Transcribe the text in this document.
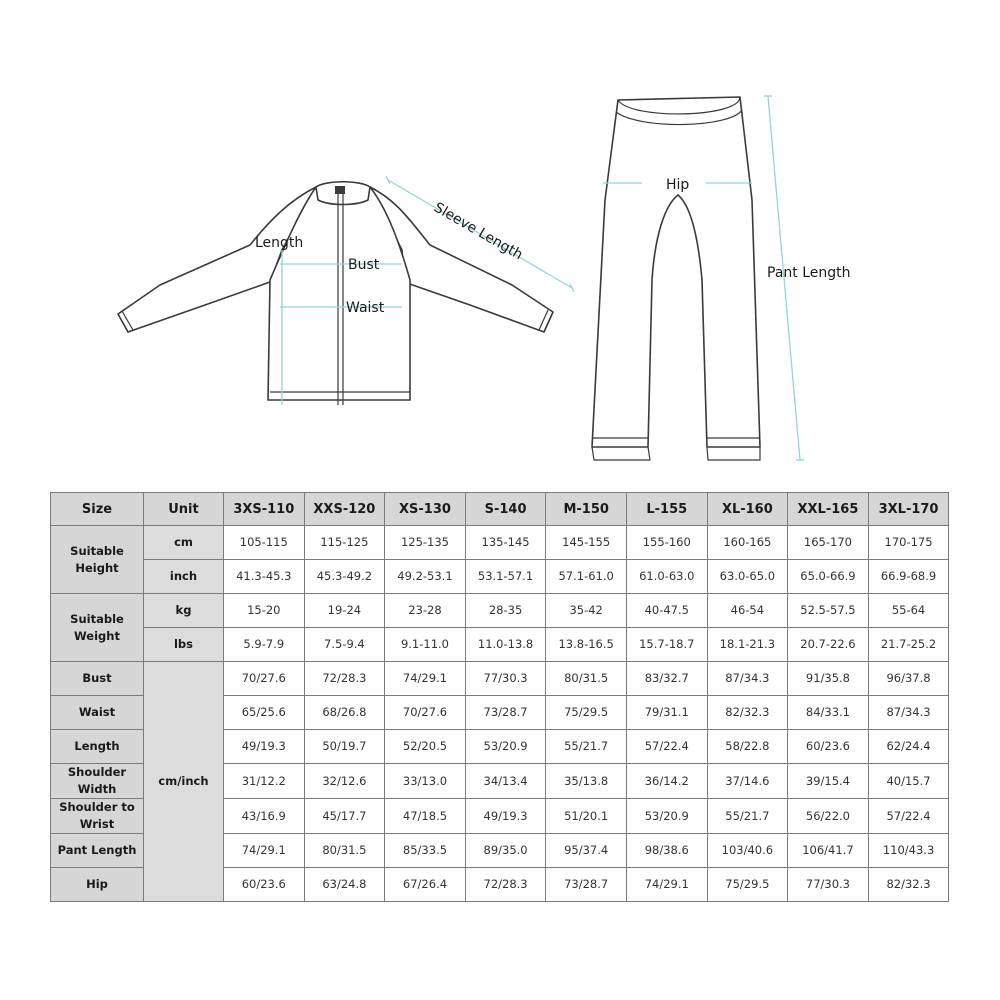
Length
Bust
Waist
Sleeve Length
Hip
Pant Length
Size	Unit	3XS-110	XXS-120	XS-130	S-140	M-150	L-155	XL-160	XXL-165	3XL-170
Suitable Height	cm	105-115	115-125	125-135	135-145	145-155	155-160	160-165	165-170	170-175
	inch	41.3-45.3	45.3-49.2	49.2-53.1	53.1-57.1	57.1-61.0	61.0-63.0	63.0-65.0	65.0-66.9	66.9-68.9
Suitable Weight	kg	15-20	19-24	23-28	28-35	35-42	40-47.5	46-54	52.5-57.5	55-64
	lbs	5.9-7.9	7.5-9.4	9.1-11.0	11.0-13.8	13.8-16.5	15.7-18.7	18.1-21.3	20.7-22.6	21.7-25.2
Bust	cm/inch	70/27.6	72/28.3	74/29.1	77/30.3	80/31.5	83/32.7	87/34.3	91/35.8	96/37.8
Waist		65/25.6	68/26.8	70/27.6	73/28.7	75/29.5	79/31.1	82/32.3	84/33.1	87/34.3
Length		49/19.3	50/19.7	52/20.5	53/20.9	55/21.7	57/22.4	58/22.8	60/23.6	62/24.4
Shoulder Width		31/12.2	32/12.6	33/13.0	34/13.4	35/13.8	36/14.2	37/14.6	39/15.4	40/15.7
Shoulder to Wrist		43/16.9	45/17.7	47/18.5	49/19.3	51/20.1	53/20.9	55/21.7	56/22.0	57/22.4
Pant Length		74/29.1	80/31.5	85/33.5	89/35.0	95/37.4	98/38.6	103/40.6	106/41.7	110/43.3
Hip		60/23.6	63/24.8	67/26.4	72/28.3	73/28.7	74/29.1	75/29.5	77/30.3	82/32.3
